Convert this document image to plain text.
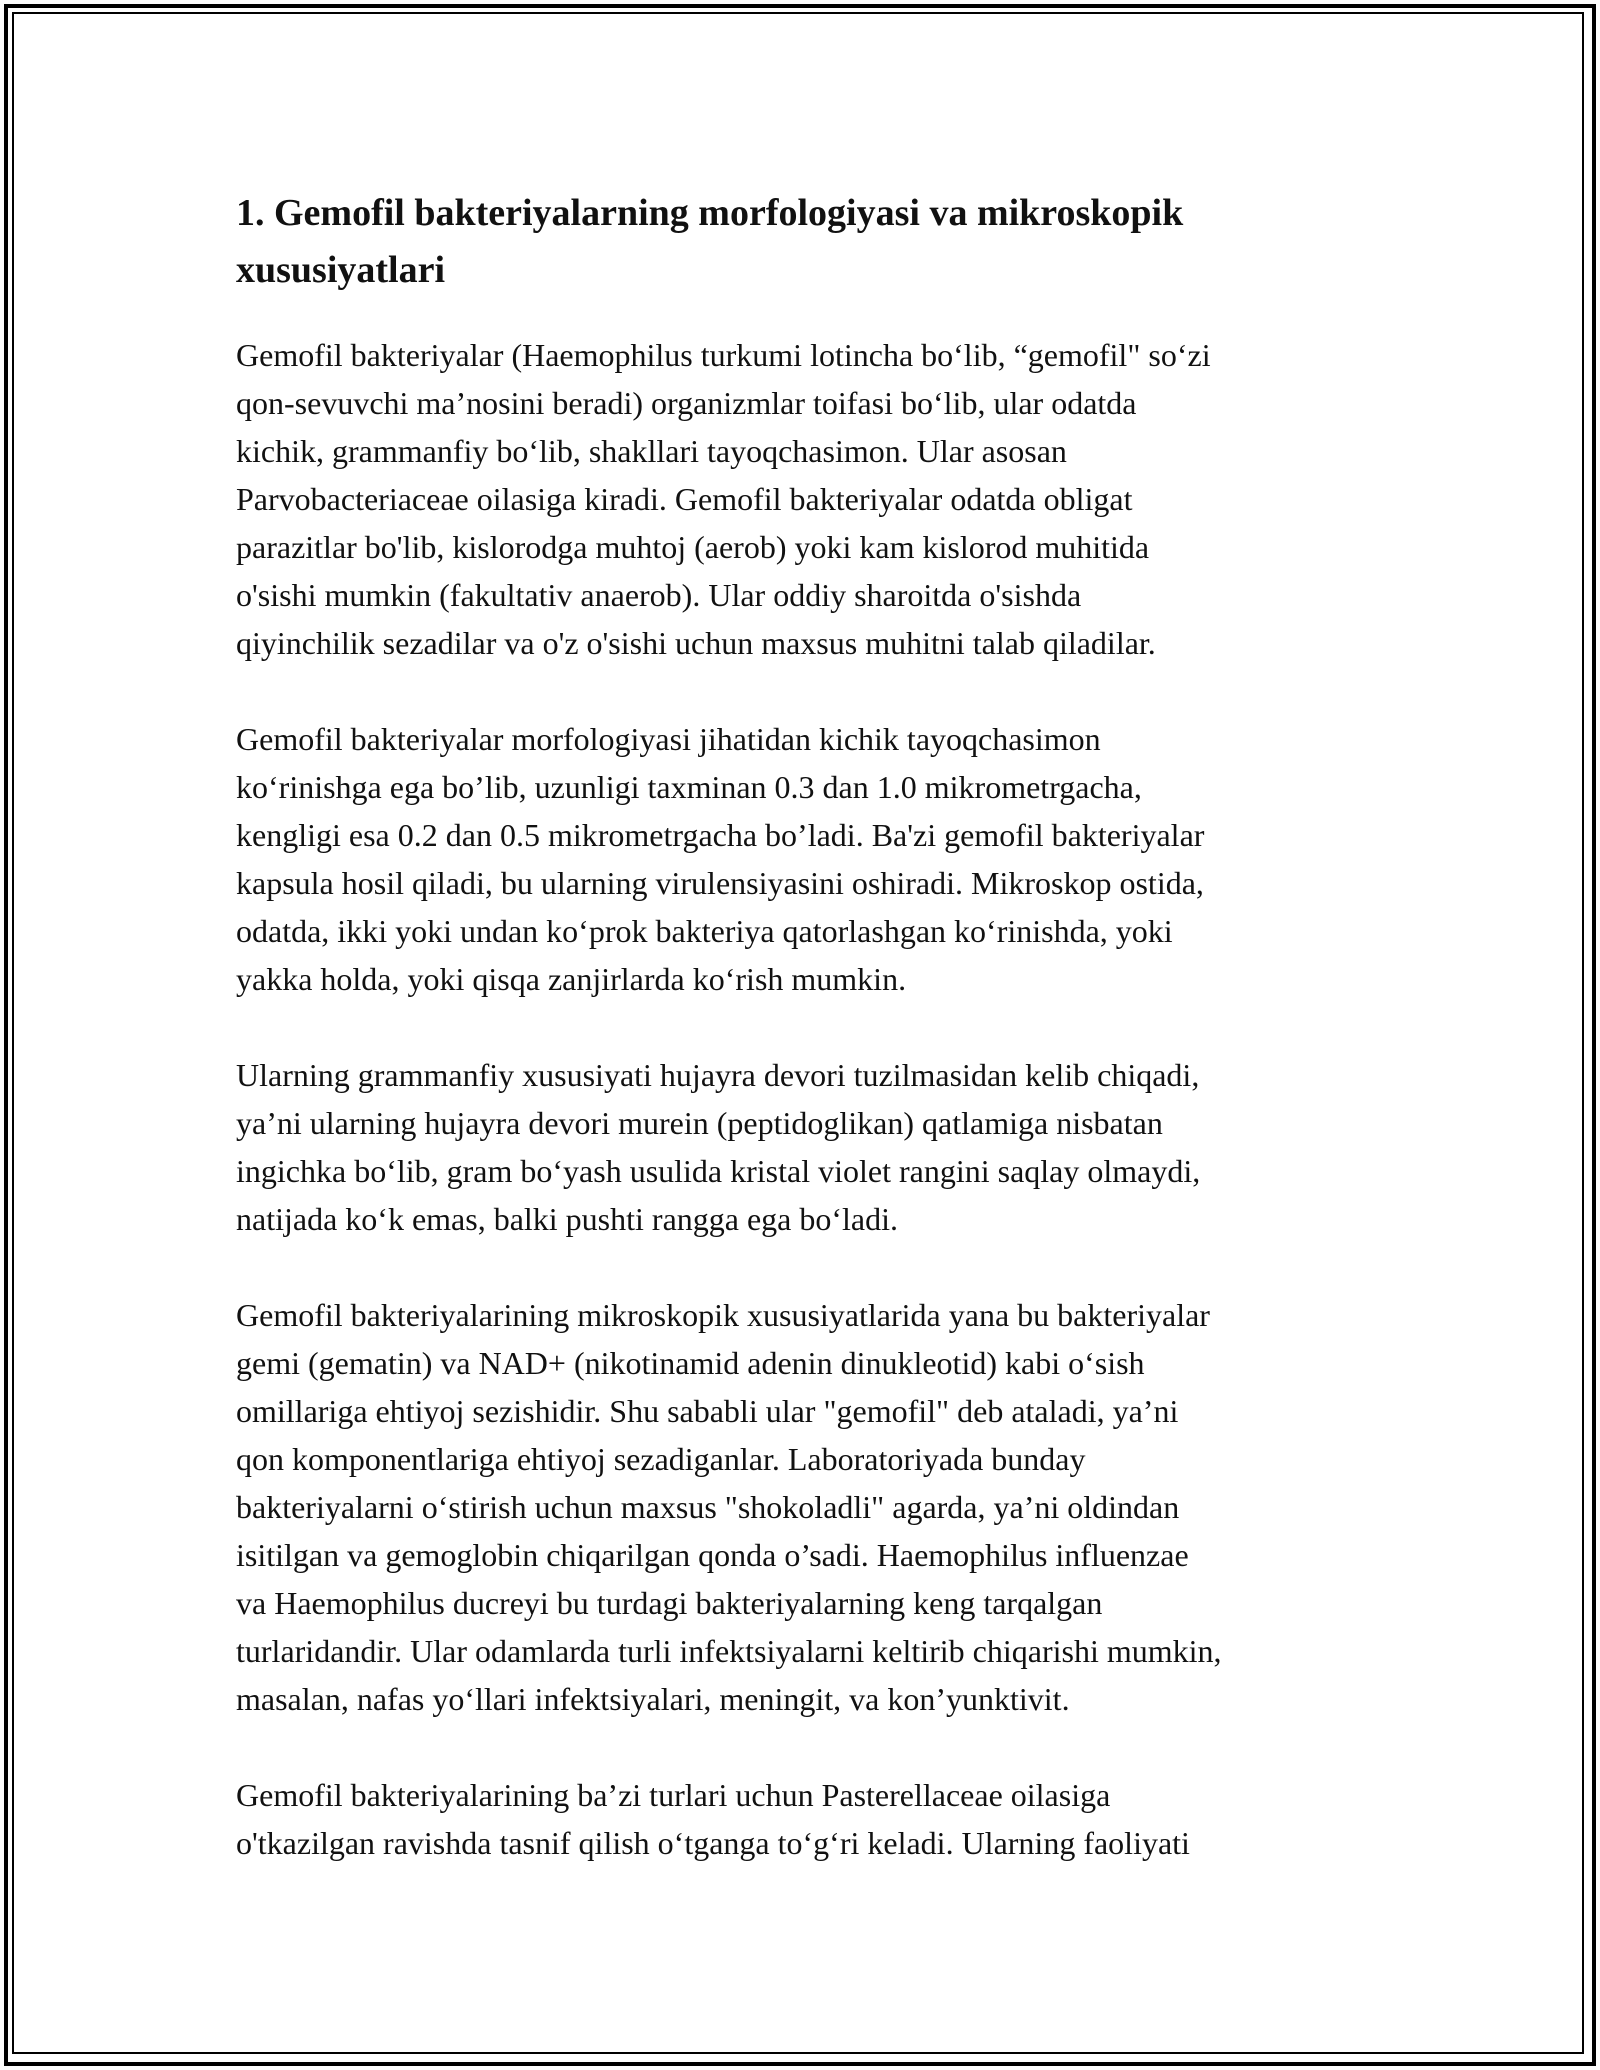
1. Gemofil bakteriyalarning morfologiyasi va mikroskopik
xususiyatlari

Gemofil bakteriyalar (Haemophilus turkumi lotincha bo‘lib, “gemofil" so‘zi
qon-sevuvchi ma’nosini beradi) organizmlar toifasi bo‘lib, ular odatda
kichik, grammanfiy bo‘lib, shakllari tayoqchasimon. Ular asosan
Parvobacteriaceae oilasiga kiradi. Gemofil bakteriyalar odatda obligat
parazitlar bo'lib, kislorodga muhtoj (aerob) yoki kam kislorod muhitida
o'sishi mumkin (fakultativ anaerob). Ular oddiy sharoitda o'sishda
qiyinchilik sezadilar va o'z o'sishi uchun maxsus muhitni talab qiladilar.

Gemofil bakteriyalar morfologiyasi jihatidan kichik tayoqchasimon
ko‘rinishga ega bo’lib, uzunligi taxminan 0.3 dan 1.0 mikrometrgacha,
kengligi esa 0.2 dan 0.5 mikrometrgacha bo’ladi. Ba'zi gemofil bakteriyalar
kapsula hosil qiladi, bu ularning virulensiyasini oshiradi. Mikroskop ostida,
odatda, ikki yoki undan ko‘prok bakteriya qatorlashgan ko‘rinishda, yoki
yakka holda, yoki qisqa zanjirlarda ko‘rish mumkin.

Ularning grammanfiy xususiyati hujayra devori tuzilmasidan kelib chiqadi,
ya’ni ularning hujayra devori murein (peptidoglikan) qatlamiga nisbatan
ingichka bo‘lib, gram bo‘yash usulida kristal violet rangini saqlay olmaydi,
natijada ko‘k emas, balki pushti rangga ega bo‘ladi.

Gemofil bakteriyalarining mikroskopik xususiyatlarida yana bu bakteriyalar
gemi (gematin) va NAD+ (nikotinamid adenin dinukleotid) kabi o‘sish
omillariga ehtiyoj sezishidir. Shu sababli ular "gemofil" deb ataladi, ya’ni
qon komponentlariga ehtiyoj sezadiganlar. Laboratoriyada bunday
bakteriyalarni o‘stirish uchun maxsus "shokoladli" agarda, ya’ni oldindan
isitilgan va gemoglobin chiqarilgan qonda o’sadi. Haemophilus influenzae
va Haemophilus ducreyi bu turdagi bakteriyalarning keng tarqalgan
turlaridandir. Ular odamlarda turli infektsiyalarni keltirib chiqarishi mumkin,
masalan, nafas yo‘llari infektsiyalari, meningit, va kon’yunktivit.

Gemofil bakteriyalarining ba’zi turlari uchun Pasterellaceae oilasiga
o'tkazilgan ravishda tasnif qilish o‘tganga to‘g‘ri keladi. Ularning faoliyati
